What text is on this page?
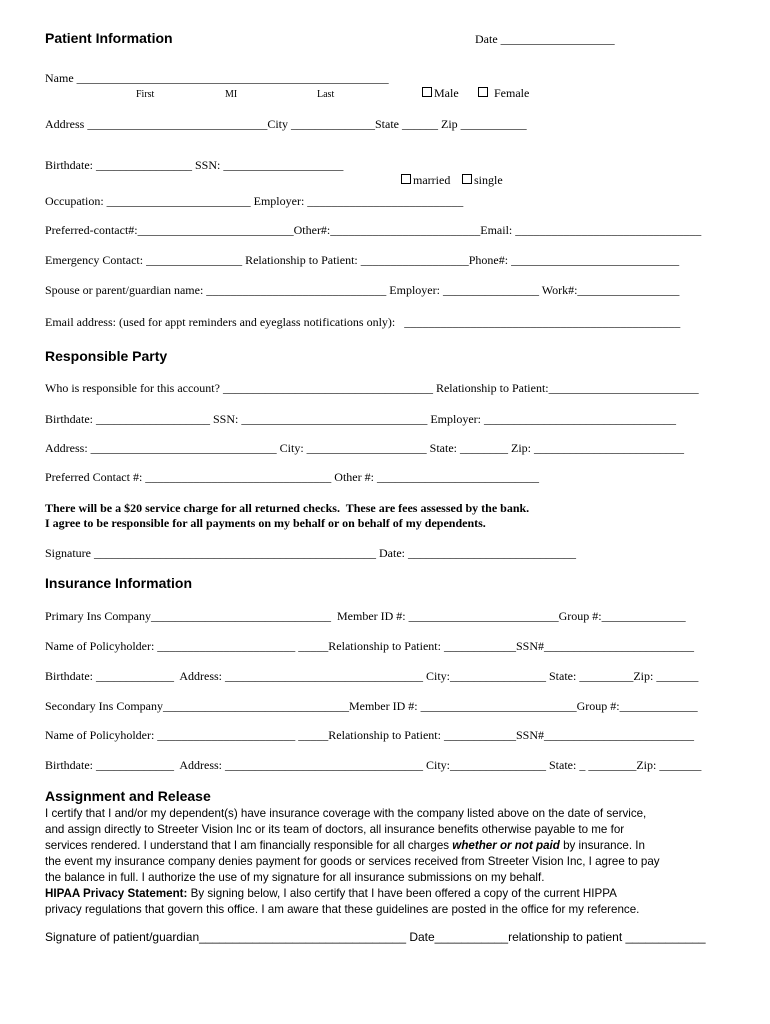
Patient Information	Date ___________________
Name ____________________________________________________

Male	Female

First	MI	Last
Address ______________________________City ______________State ______ Zip ___________
Birthdate: ________________ SSN: ____________________

married	single

Occupation: ________________________ Employer: __________________________
Preferred-contact#:__________________________Other#:_________________________Email: _______________________________
Emergency Contact: ________________ Relationship to Patient: __________________Phone#: ____________________________
Spouse or parent/guardian name: ______________________________ Employer: ________________ Work#:_________________
Email address: (used for appt reminders and eyeglass notifications only):   ______________________________________________
Responsible Party
Who is responsible for this account? ___________________________________ Relationship to Patient:_________________________
Birthdate: ___________________ SSN: _______________________________ Employer: ________________________________
Address: _______________________________ City: ____________________ State: ________ Zip: _________________________
Preferred Contact #: _______________________________ Other #: ___________________________
There will be a $20 service charge for all returned checks.  These are fees assessed by the bank.
I agree to be responsible for all payments on my behalf or on behalf of my dependents.
Signature _______________________________________________ Date: ____________________________
Insurance Information
Primary Ins Company______________________________  Member ID #: _________________________Group #:______________
Name of Policyholder: _______________________ _____Relationship to Patient: ____________SSN#_________________________
Birthdate: _____________  Address: _________________________________ City:________________ State: _________Zip: _______
Secondary Ins Company_______________________________Member ID #: __________________________Group #:_____________
Name of Policyholder: _______________________ _____Relationship to Patient: ____________SSN#_________________________
Birthdate: _____________  Address: _________________________________ City:________________ State: _ ________Zip: _______
Assignment and Release
I certify that I and/or my dependent(s) have insurance coverage with the company listed above on the date of service,
and assign directly to Streeter Vision Inc or its team of doctors, all insurance benefits otherwise payable to me for
services rendered. I understand that I am financially responsible for all charges whether or not paid by insurance. In
the event my insurance company denies payment for goods or services received from Streeter Vision Inc, I agree to pay
the balance in full. I authorize the use of my signature for all insurance submissions on my behalf.
HIPAA Privacy Statement: By signing below, I also certify that I have been offered a copy of the current HIPPA
privacy regulations that govern this office. I am aware that these guidelines are posted in the office for my reference.
Signature of patient/guardian_______________________________ Date___________relationship to patient ____________
